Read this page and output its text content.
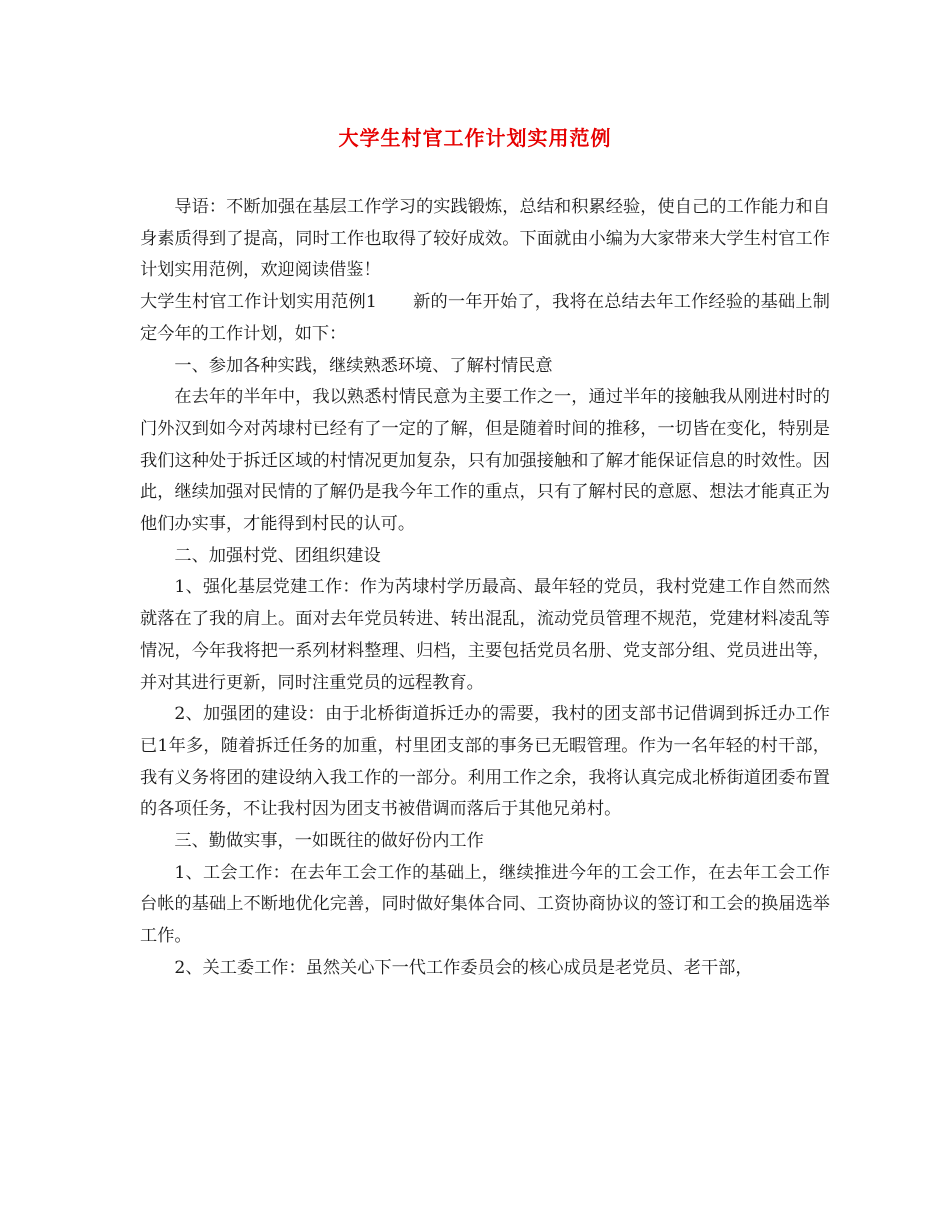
大学生村官工作计划实用范例

导语：不断加强在基层工作学习的实践锻炼，总结和积累经验，使自己的工作能力和自身素质得到了提高，同时工作也取得了较好成效。下面就由小编为大家带来大学生村官工作计划实用范例，欢迎阅读借鉴！

大学生村官工作计划实用范例1 新的一年开始了，我将在总结去年工作经验的基础上制定今年的工作计划，如下：

一、参加各种实践，继续熟悉环境、了解村情民意

在去年的半年中，我以熟悉村情民意为主要工作之一，通过半年的接触我从刚进村时的门外汉到如今对芮埭村已经有了一定的了解，但是随着时间的推移，一切皆在变化，特别是我们这种处于拆迁区域的村情况更加复杂，只有加强接触和了解才能保证信息的时效性。因此，继续加强对民情的了解仍是我今年工作的重点，只有了解村民的意愿、想法才能真正为他们办实事，才能得到村民的认可。

二、加强村党、团组织建设

1、强化基层党建工作：作为芮埭村学历最高、最年轻的党员，我村党建工作自然而然就落在了我的肩上。面对去年党员转进、转出混乱，流动党员管理不规范，党建材料凌乱等情况，今年我将把一系列材料整理、归档，主要包括党员名册、党支部分组、党员进出等，并对其进行更新，同时注重党员的远程教育。

2、加强团的建设：由于北桥街道拆迁办的需要，我村的团支部书记借调到拆迁办工作已1年多，随着拆迁任务的加重，村里团支部的事务已无暇管理。作为一名年轻的村干部，我有义务将团的建设纳入我工作的一部分。利用工作之余，我将认真完成北桥街道团委布置的各项任务，不让我村因为团支书被借调而落后于其他兄弟村。

三、勤做实事，一如既往的做好份内工作

1、工会工作：在去年工会工作的基础上，继续推进今年的工会工作，在去年工会工作台帐的基础上不断地优化完善，同时做好集体合同、工资协商协议的签订和工会的换届选举工作。

2、关工委工作：虽然关心下一代工作委员会的核心成员是老党员、老干部，
